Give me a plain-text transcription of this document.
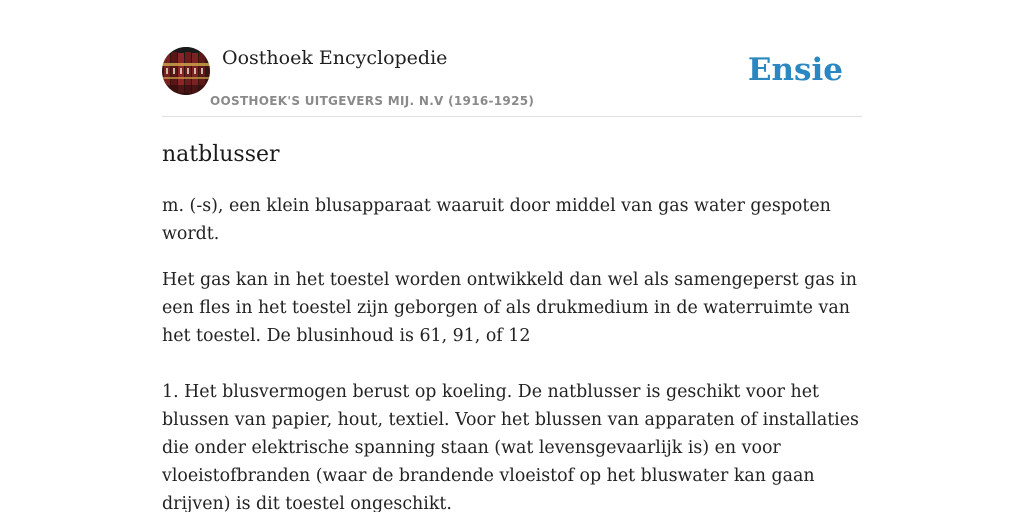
Oosthoek Encyclopedie
OOSTHOEK'S UITGEVERS MIJ. N.V (1916-1925)
Ensie
natblusser

m. (-s), een klein blusapparaat waaruit door middel van gas water gespoten wordt.

Het gas kan in het toestel worden ontwikkeld dan wel als samengeperst gas in een fles in het toestel zijn geborgen of als drukmedium in de waterruimte van het toestel. De blusinhoud is 61, 91, of 12

1. Het blusvermogen berust op koeling. De natblusser is geschikt voor het blussen van papier, hout, textiel. Voor het blussen van apparaten of installaties die onder elektrische spanning staan (wat levensgevaarlijk is) en voor vloeistofbranden (waar de brandende vloeistof op het bluswater kan gaan drijven) is dit toestel ongeschikt.
